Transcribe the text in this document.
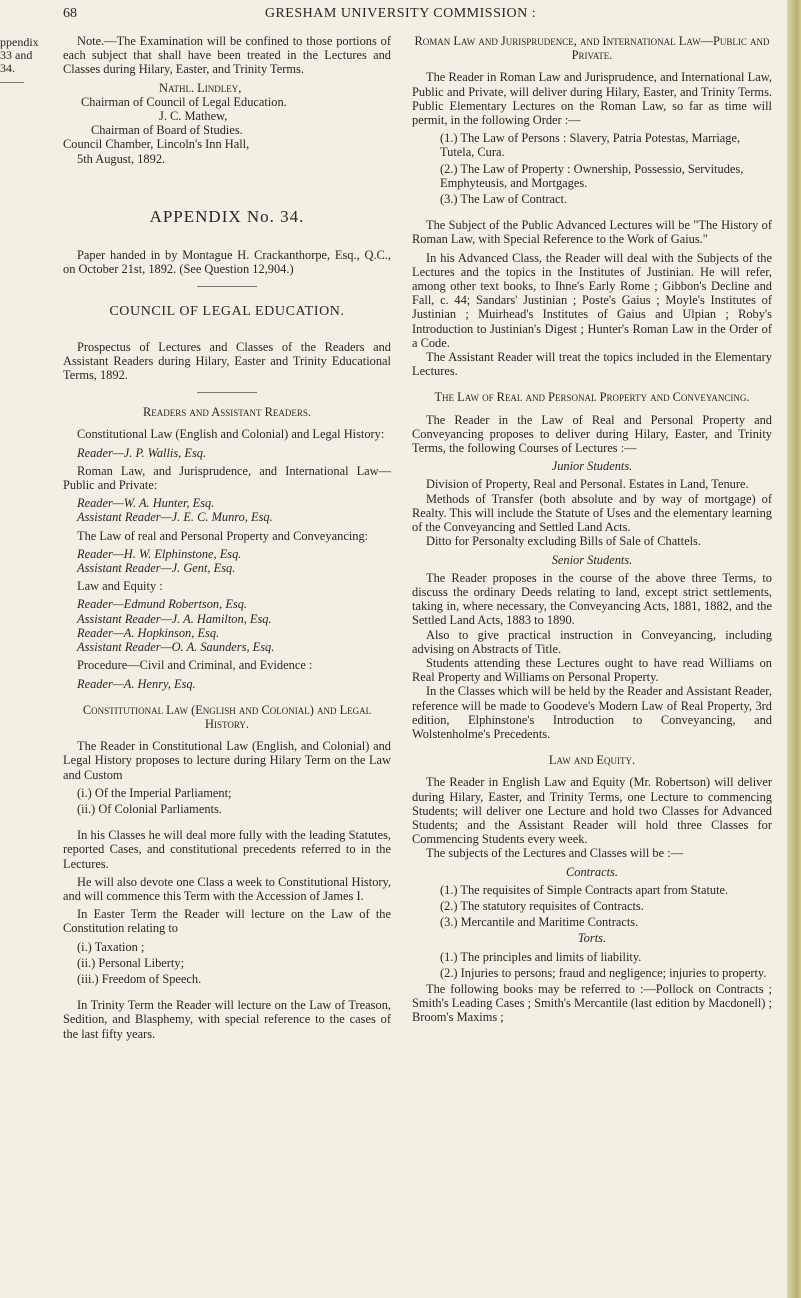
68	GRESHAM UNIVERSITY COMMISSION :
ppendix
33 and 34.
——

Note.—The Examination will be confined to those portions of each subject that shall have been treated in the Lectures and Classes during Hilary, Easter, and Trinity Terms.

Nathl. Lindley,

Chairman of Council of Legal Education.

J. C. Mathew,

Chairman of Board of Studies.

Council Chamber, Lincoln's Inn Hall,

5th August, 1892.

APPENDIX No. 34.

Paper handed in by Montague H. Crackanthorpe, Esq., Q.C., on October 21st, 1892. (See Question 12,904.)

COUNCIL OF LEGAL EDUCATION.

Prospectus of Lectures and Classes of the Readers and Assistant Readers during Hilary, Easter and Trinity Educational Terms, 1892.

Readers and Assistant Readers.

Constitutional Law (English and Colonial) and Legal History:

Reader—J. P. Wallis, Esq.

Roman Law, and Jurisprudence, and International Law—Public and Private:

Reader—W. A. Hunter, Esq.

Assistant Reader—J. E. C. Munro, Esq.

The Law of real and Personal Property and Conveyancing:

Reader—H. W. Elphinstone, Esq.

Assistant Reader—J. Gent, Esq.

Law and Equity :

Reader—Edmund Robertson, Esq.

Assistant Reader—J. A. Hamilton, Esq.

Reader—A. Hopkinson, Esq.

Assistant Reader—O. A. Saunders, Esq.

Procedure—Civil and Criminal, and Evidence :

Reader—A. Henry, Esq.

Constitutional Law (English and Colonial) and Legal History.

The Reader in Constitutional Law (English, and Colonial) and Legal History proposes to lecture during Hilary Term on the Law and Custom

(i.) Of the Imperial Parliament;
(ii.) Of Colonial Parliaments.

In his Classes he will deal more fully with the leading Statutes, reported Cases, and constitutional precedents referred to in the Lectures.

He will also devote one Class a week to Constitutional History, and will commence this Term with the Accession of James I.

In Easter Term the Reader will lecture on the Law of the Constitution relating to

(i.) Taxation ;
(ii.) Personal Liberty;
(iii.) Freedom of Speech.

In Trinity Term the Reader will lecture on the Law of Treason, Sedition, and Blasphemy, with special reference to the cases of the last fifty years.

Roman Law and Jurisprudence, and International Law—Public and Private.

The Reader in Roman Law and Jurisprudence, and International Law, Public and Private, will deliver during Hilary, Easter, and Trinity Terms. Public Elementary Lectures on the Roman Law, so far as time will permit, in the following Order :—

(1.) The Law of Persons : Slavery, Patria Potestas, Marriage, Tutela, Cura.
(2.) The Law of Property : Ownership, Possessio, Servitudes, Emphyteusis, and Mortgages.
(3.) The Law of Contract.

The Subject of the Public Advanced Lectures will be "The History of Roman Law, with Special Reference to the Work of Gaius."

In his Advanced Class, the Reader will deal with the Subjects of the Lectures and the topics in the Institutes of Justinian. He will refer, among other text books, to Ihne's Early Rome ; Gibbon's Decline and Fall, c. 44; Sandars' Justinian ; Poste's Gaius ; Moyle's Institutes of Justinian ; Muirhead's Institutes of Gaius and Ulpian ; Roby's Introduction to Justinian's Digest ; Hunter's Roman Law in the Order of a Code.

The Assistant Reader will treat the topics included in the Elementary Lectures.

The Law of Real and Personal Property and Conveyancing.

The Reader in the Law of Real and Personal Property and Conveyancing proposes to deliver during Hilary, Easter, and Trinity Terms, the following Courses of Lectures :—

Junior Students.

Division of Property, Real and Personal. Estates in Land, Tenure.

Methods of Transfer (both absolute and by way of mortgage) of Realty. This will include the Statute of Uses and the elementary learning of the Conveyancing and Settled Land Acts.

Ditto for Personalty excluding Bills of Sale of Chattels.

Senior Students.

The Reader proposes in the course of the above three Terms, to discuss the ordinary Deeds relating to land, except strict settlements, taking in, where necessary, the Conveyancing Acts, 1881, 1882, and the Settled Land Acts, 1883 to 1890.

Also to give practical instruction in Conveyancing, including advising on Abstracts of Title.

Students attending these Lectures ought to have read Williams on Real Property and Williams on Personal Property.

In the Classes which will be held by the Reader and Assistant Reader, reference will be made to Goodeve's Modern Law of Real Property, 3rd edition, Elphinstone's Introduction to Conveyancing, and Wolstenholme's Precedents.

Law and Equity.

The Reader in English Law and Equity (Mr. Robertson) will deliver during Hilary, Easter, and Trinity Terms, one Lecture to commencing Students; will deliver one Lecture and hold two Classes for Advanced Students; and the Assistant Reader will hold three Classes for Commencing Students every week.

The subjects of the Lectures and Classes will be :—

Contracts.

(1.) The requisites of Simple Contracts apart from Statute.
(2.) The statutory requisites of Contracts.
(3.) Mercantile and Maritime Contracts.

Torts.

(1.) The principles and limits of liability.
(2.) Injuries to persons; fraud and negligence; injuries to property.

The following books may be referred to :—Pollock on Contracts ; Smith's Leading Cases ; Smith's Mercantile (last edition by Macdonell) ; Broom's Maxims ;
